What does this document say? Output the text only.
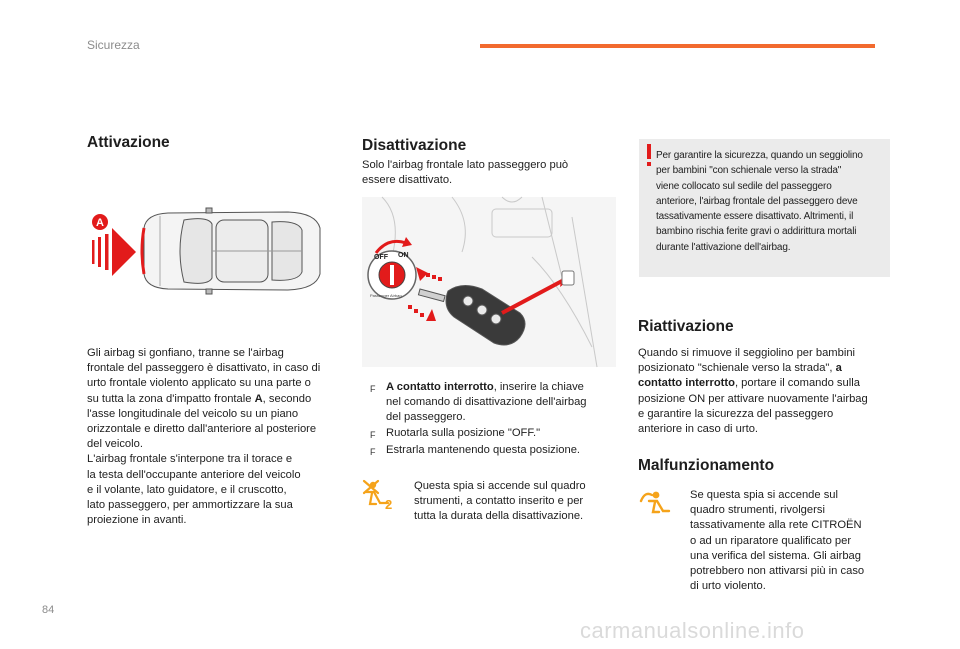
Sicurezza
Attivazione
A
Gli airbag si gonfiano, tranne se l'airbag
frontale del passeggero è disattivato, in caso di
urto frontale violento applicato su una parte o
su tutta la zona d'impatto frontale A, secondo
l'asse longitudinale del veicolo su un piano
orizzontale e diretto dall'anteriore al posteriore
del veicolo.
L'airbag frontale s'interpone tra il torace e
la testa dell'occupante anteriore del veicolo
e il volante, lato guidatore, e il cruscotto,
lato passeggero, per ammortizzare la sua
proiezione in avanti.
Disattivazione
Solo l'airbag frontale lato passeggero può
essere disattivato.
OFF ON
Passenger Airbag
F A contatto interrotto, inserire la chiave
nel comando di disattivazione dell'airbag
del passeggero.
F Ruotarla sulla posizione "OFF."
F Estrarla mantenendo questa posizione.
2
Questa spia si accende sul quadro
strumenti, a contatto inserito e per
tutta la durata della disattivazione.
Per garantire la sicurezza, quando un seggiolino
per bambini "con schienale verso la strada"
viene collocato sul sedile del passeggero
anteriore, l'airbag frontale del passeggero deve
tassativamente essere disattivato. Altrimenti, il
bambino rischia ferite gravi o addirittura mortali
durante l'attivazione dell'airbag.
Riattivazione
Quando si rimuove il seggiolino per bambini
posizionato "schienale verso la strada", a
contatto interrotto, portare il comando sulla
posizione ON per attivare nuovamente l'airbag
e garantire la sicurezza del passeggero
anteriore in caso di urto.
Malfunzionamento
Se questa spia si accende sul
quadro strumenti, rivolgersi
tassativamente alla rete CITROËN
o ad un riparatore qualificato per
una verifica del sistema. Gli airbag
potrebbero non attivarsi più in caso
di urto violento.
84
carmanualsonline.info
